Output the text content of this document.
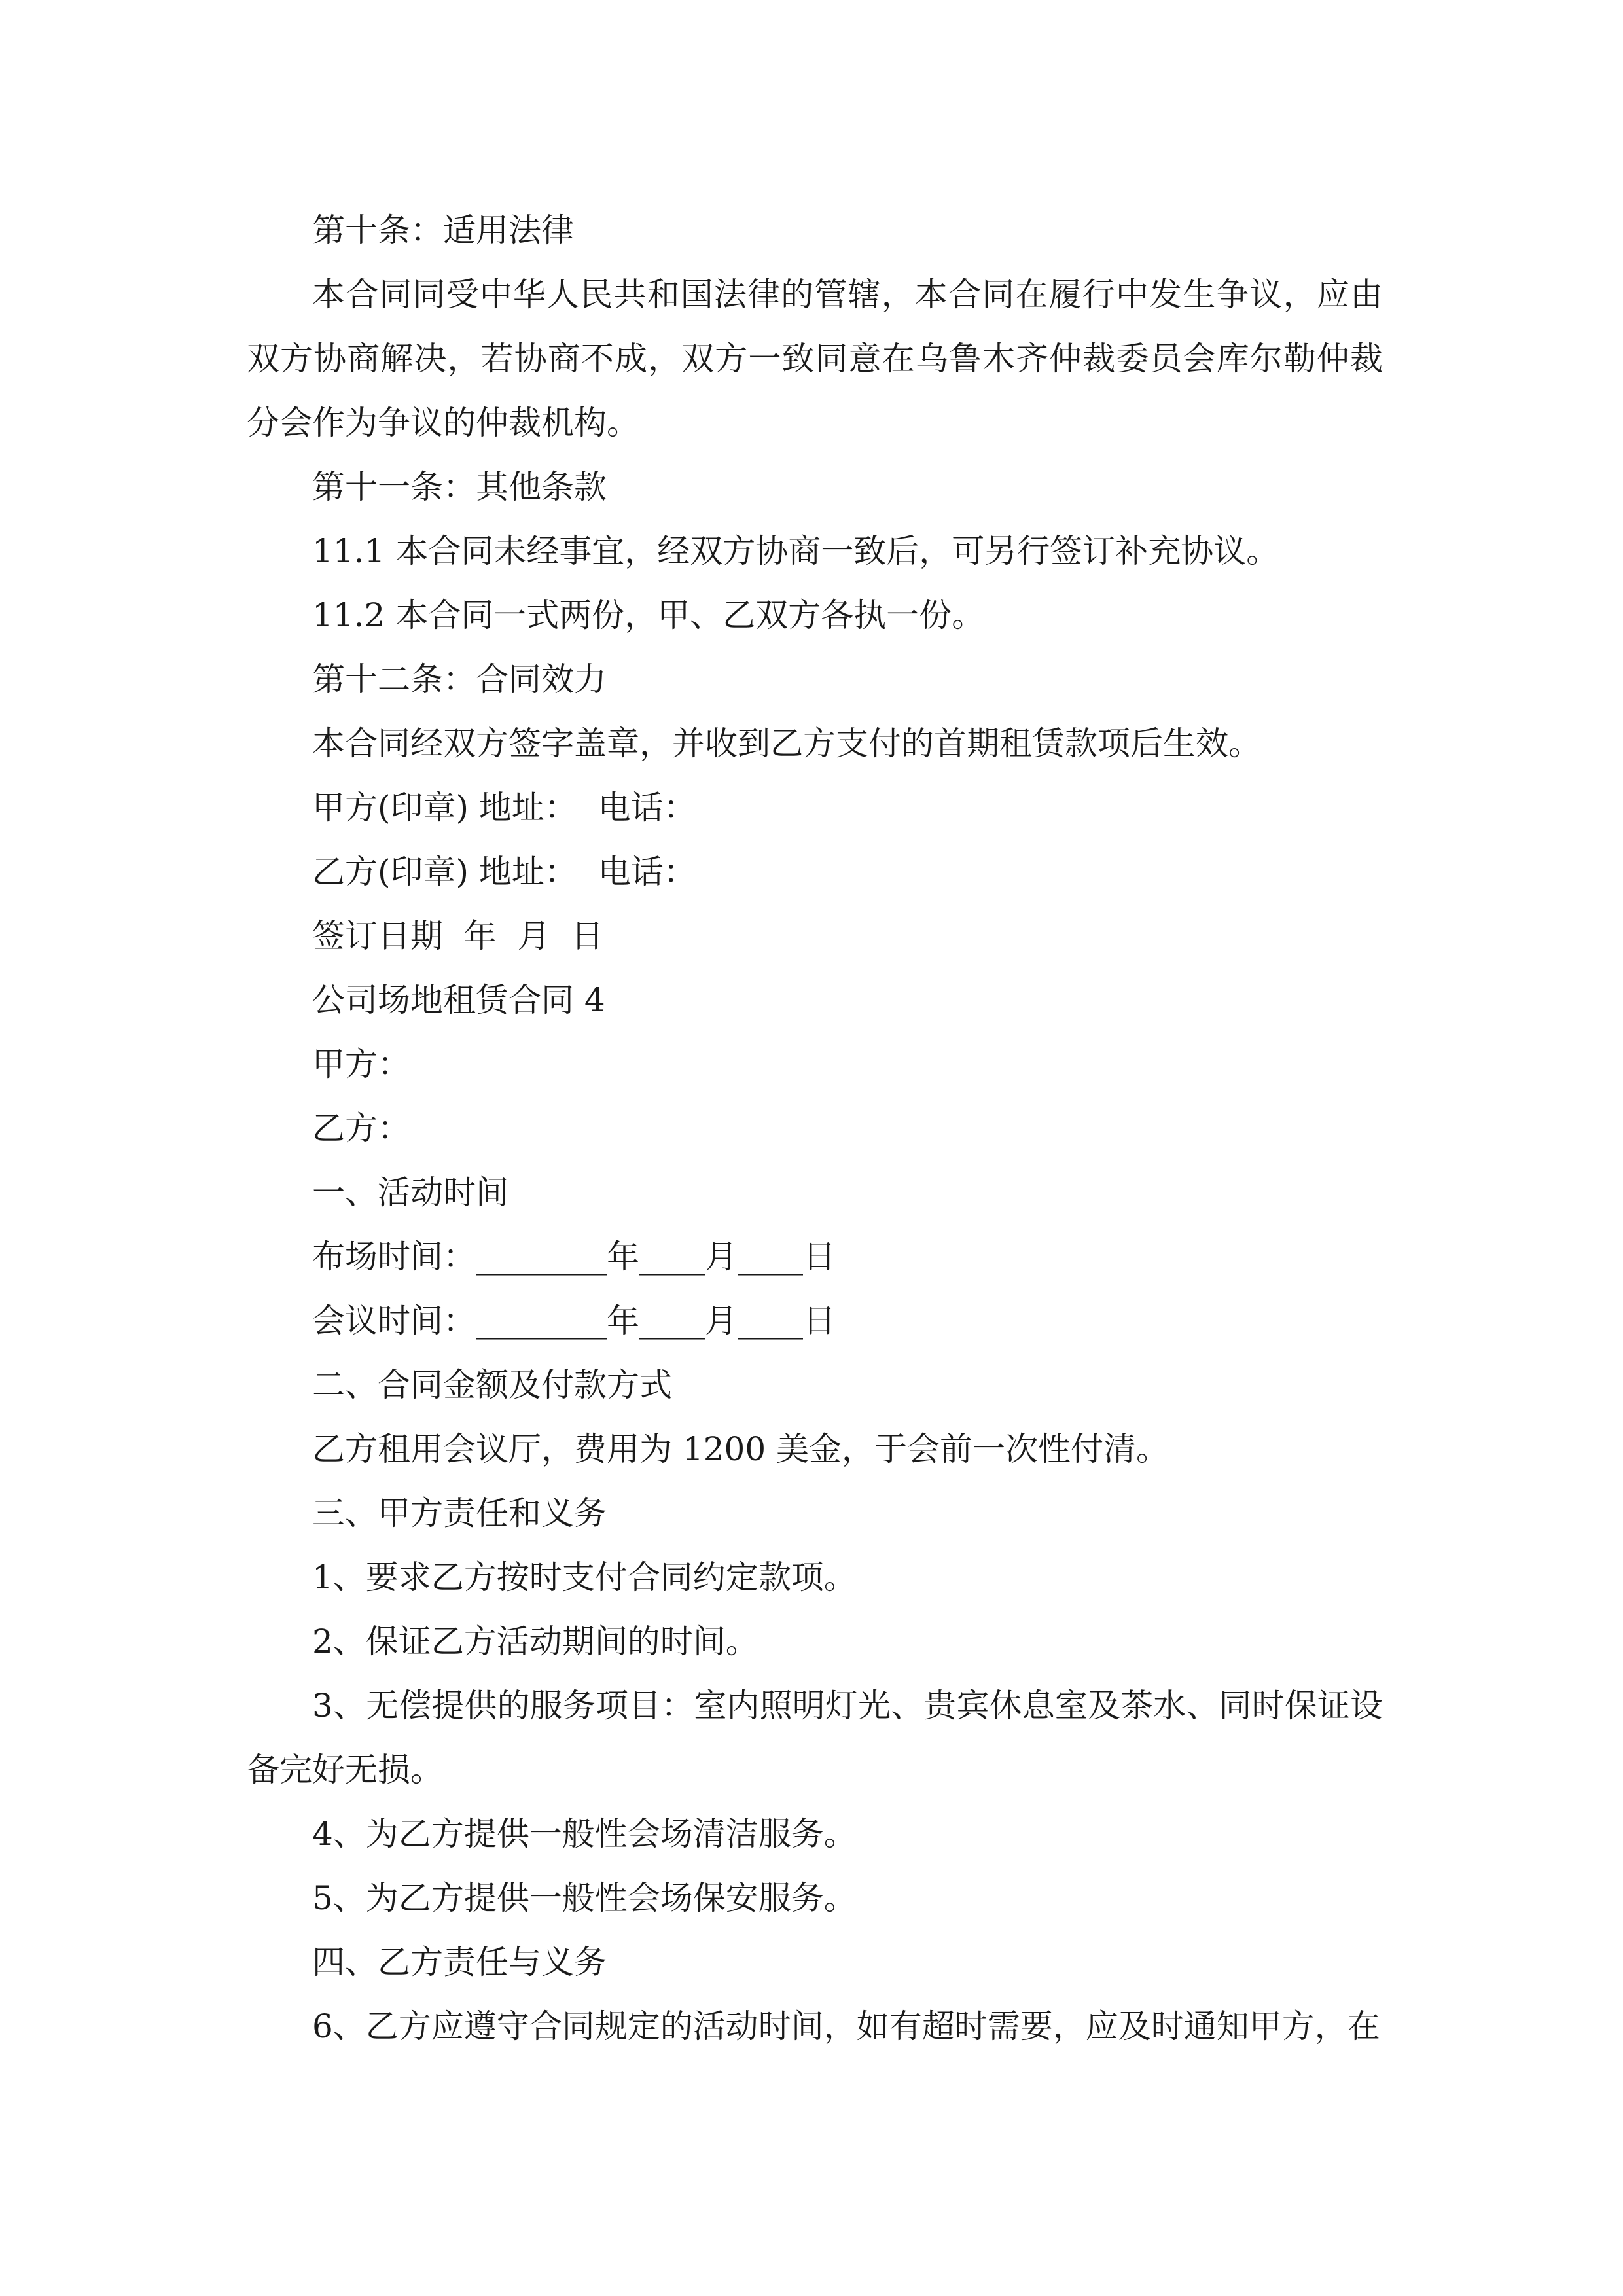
第十条：适用法律

本合同同受中华人民共和国法律的管辖，本合同在履行中发生争议，应由双方协商解决，若协商不成，双方一致同意在乌鲁木齐仲裁委员会库尔勒仲裁分会作为争议的仲裁机构。

第十一条：其他条款

11.1 本合同未经事宜，经双方协商一致后，可另行签订补充协议。

11.2 本合同一式两份，甲、乙双方各执一份。

第十二条：合同效力

本合同经双方签字盖章，并收到乙方支付的首期租赁款项后生效。

甲方(印章) 地址：  电话：

乙方(印章) 地址：  电话：

签订日期  年  月  日

公司场地租赁合同 4

甲方：

乙方：

一、活动时间

布场时间：________年____月____日

会议时间：________年____月____日

二、合同金额及付款方式

乙方租用会议厅，费用为 1200 美金，于会前一次性付清。

三、甲方责任和义务

1、要求乙方按时支付合同约定款项。

2、保证乙方活动期间的时间。

3、无偿提供的服务项目：室内照明灯光、贵宾休息室及茶水、同时保证设备完好无损。

4、为乙方提供一般性会场清洁服务。

5、为乙方提供一般性会场保安服务。

四、乙方责任与义务

6、乙方应遵守合同规定的活动时间，如有超时需要，应及时通知甲方，在
